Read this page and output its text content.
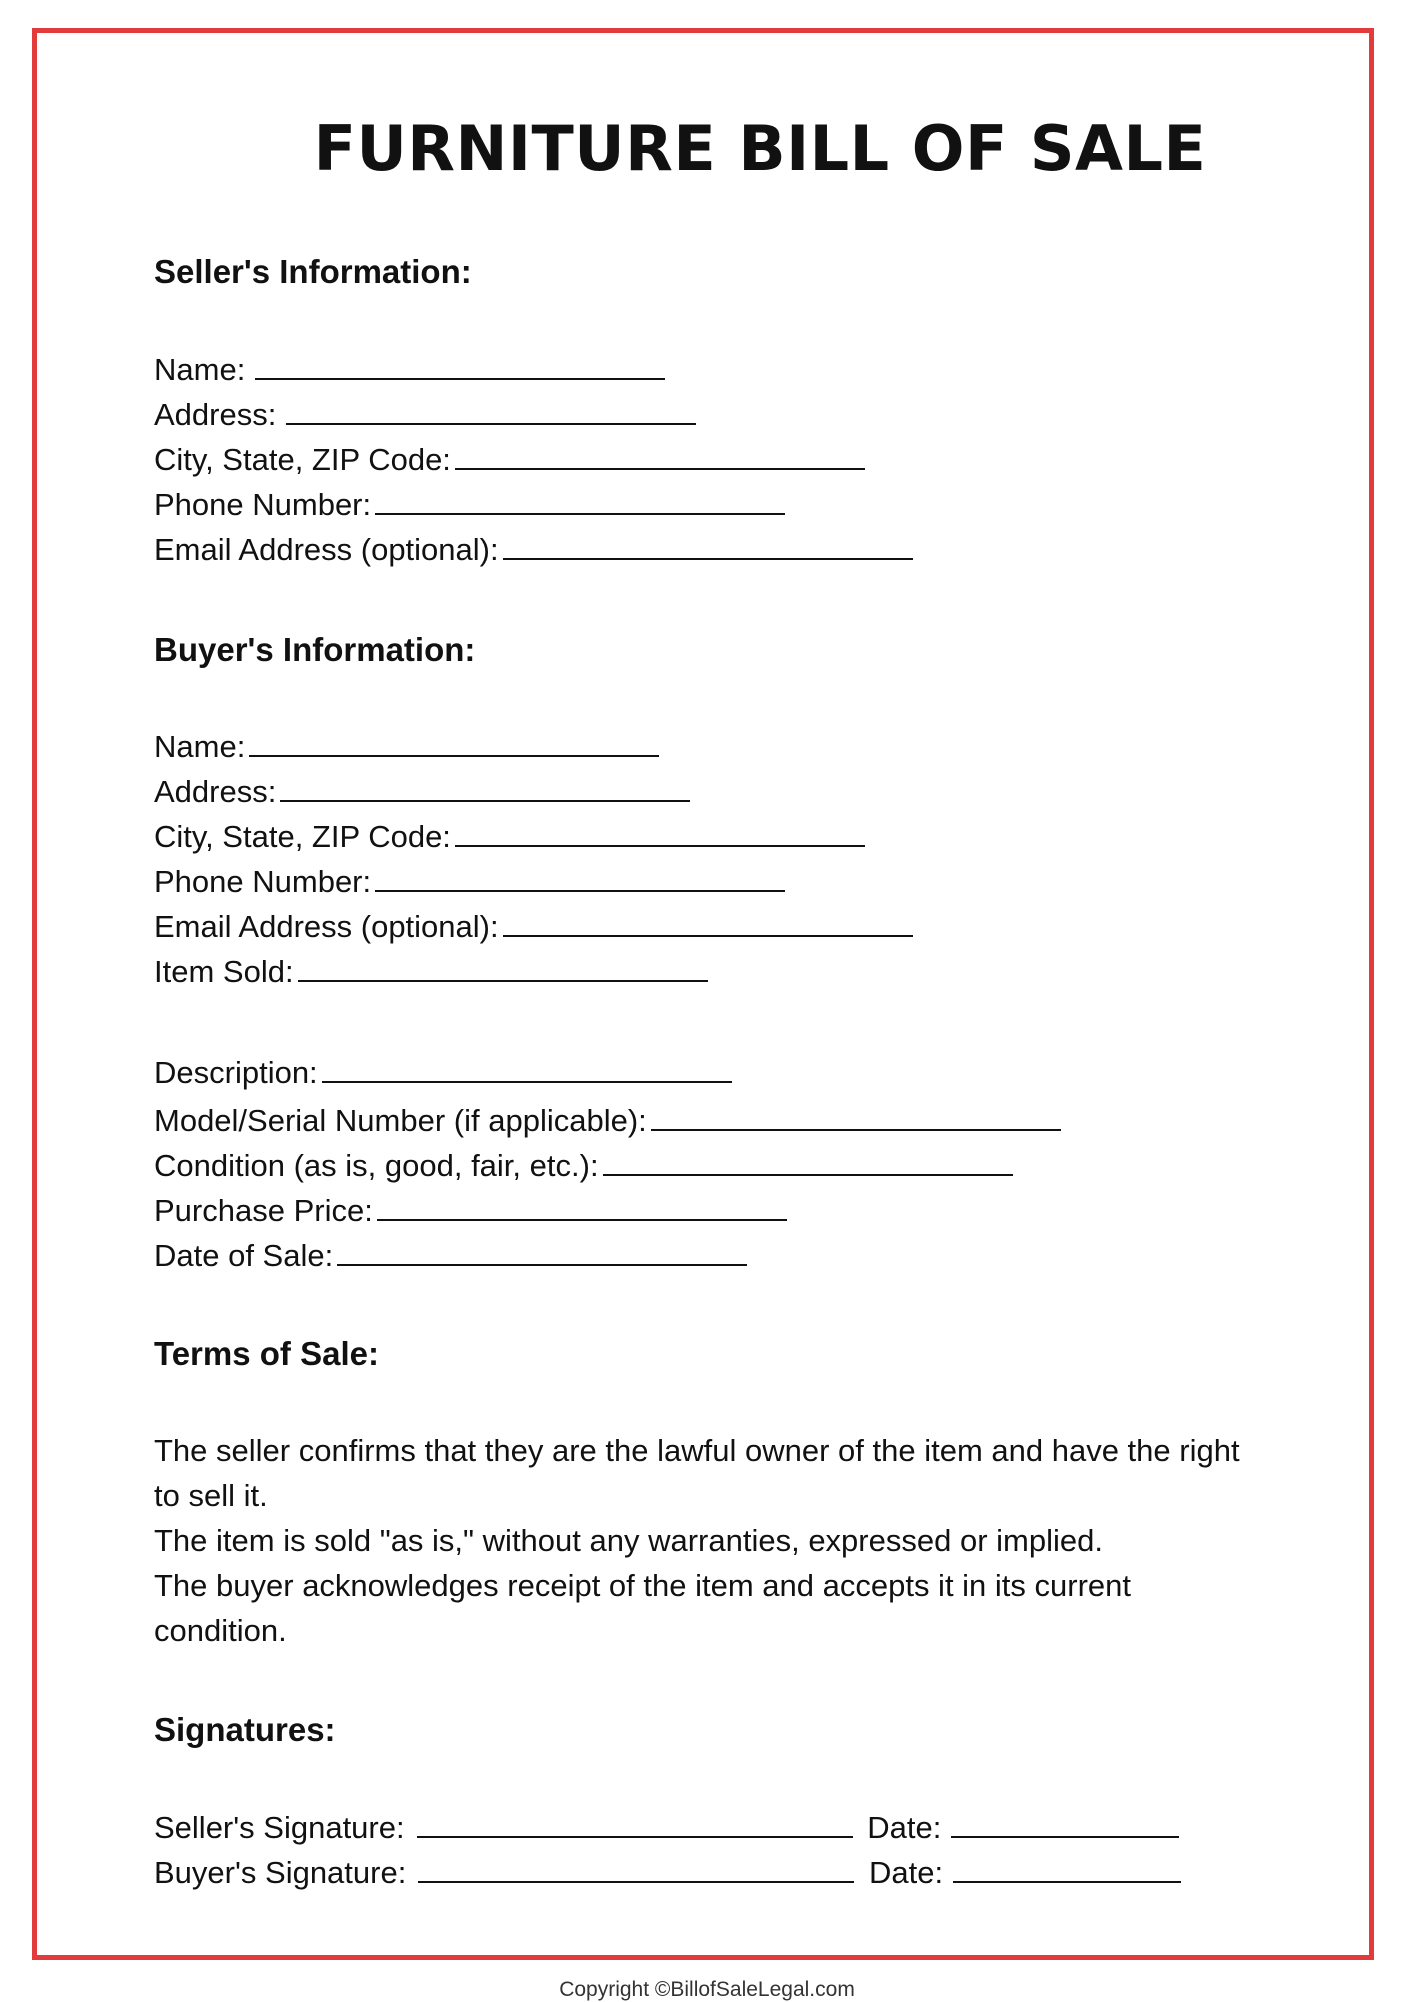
FURNITURE BILL OF SALE
Seller's Information:
Name:
Address:
City, State, ZIP Code:
Phone Number:
Email Address (optional):
Buyer's Information:
Name:
Address:
City, State, ZIP Code:
Phone Number:
Email Address (optional):
Item Sold:
Description:
Model/Serial Number (if applicable):
Condition (as is, good, fair, etc.):
Purchase Price:
Date of Sale:
Terms of Sale:

The seller confirms that they are the lawful owner of the item and have the right to sell it.

The item is sold "as is," without any warranties, expressed or implied.

The buyer acknowledges receipt of the item and accepts it in its current condition.

Signatures:
Seller's Signature:	Date:
Buyer's Signature:	Date:
Copyright ©BillofSaleLegal.com
